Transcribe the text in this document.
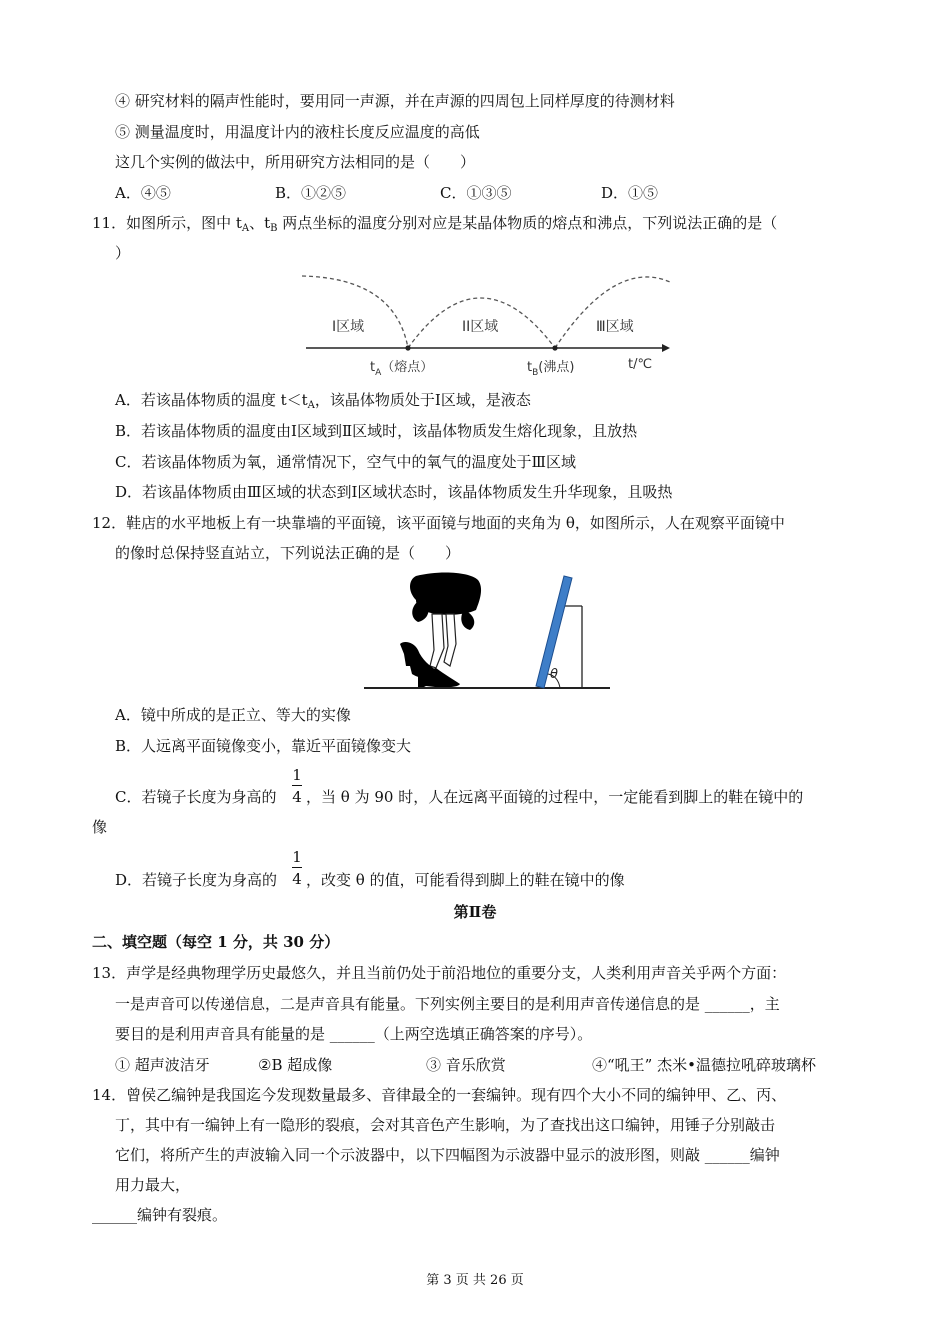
④ 研究材料的隔声性能时，要用同一声源，并在声源的四周包上同样厚度的待测材料
⑤ 测量温度时，用温度计内的液柱长度反应温度的高低
这几个实例的做法中，所用研究方法相同的是（　　）
A．④⑤	B．①②⑤	C．①③⑤	D．①⑤
11．如图所示，图中 $t_A$、$t_B$ 两点坐标的温度分别对应是某晶体物质的熔点和沸点，下列说法正确的是（
）
Ⅰ区域	II区域	Ⅲ区域
$t_A$（熔点）	$t_B$(沸点)	t/℃
A．若该晶体物质的温度 $t<t_A$，该晶体物质处于Ⅰ区域，是液态
B．若该晶体物质的温度由Ⅰ区域到Ⅱ区域时，该晶体物质发生熔化现象，且放热
C．若该晶体物质为氧，通常情况下，空气中的氧气的温度处于Ⅲ区域
D．若该晶体物质由Ⅲ区域的状态到Ⅰ区域状态时，该晶体物质发生升华现象，且吸热
12．鞋店的水平地板上有一块靠墙的平面镜，该平面镜与地面的夹角为 θ，如图所示，人在观察平面镜中
的像时总保持竖直站立，下列说法正确的是（　　）
θ
A．镜中所成的是正立、等大的实像
B．人远离平面镜像变小，靠近平面镜像变大
1
4
C．若镜子长度为身高的 ，当 θ 为 90 时，人在远离平面镜的过程中，一定能看到脚上的鞋在镜中的
像
1
4
D．若镜子长度为身高的 ，改变 θ 的值，可能看得到脚上的鞋在镜中的像
第Ⅱ卷
二、填空题（每空 1 分，共 30 分）
13．声学是经典物理学历史最悠久，并且当前仍处于前沿地位的重要分支，人类利用声音关乎两个方面：
一是声音可以传递信息，二是声音具有能量。下列实例主要目的是利用声音传递信息的是 ______，主
要目的是利用声音具有能量的是 ______（上两空选填正确答案的序号）。
① 超声波洁牙	②B 超成像	③ 音乐欣赏	④“吼王” 杰米•温德拉吼碎玻璃杯
14．曾侯乙编钟是我国迄今发现数量最多、音律最全的一套编钟。现有四个大小不同的编钟甲、乙、丙、
丁，其中有一编钟上有一隐形的裂痕，会对其音色产生影响，为了查找出这口编钟，用锤子分别敲击
它们，将所产生的声波输入同一个示波器中，以下四幅图为示波器中显示的波形图，则敲 ______编钟
用力最大，
______编钟有裂痕。
第 3 页 共 26 页
